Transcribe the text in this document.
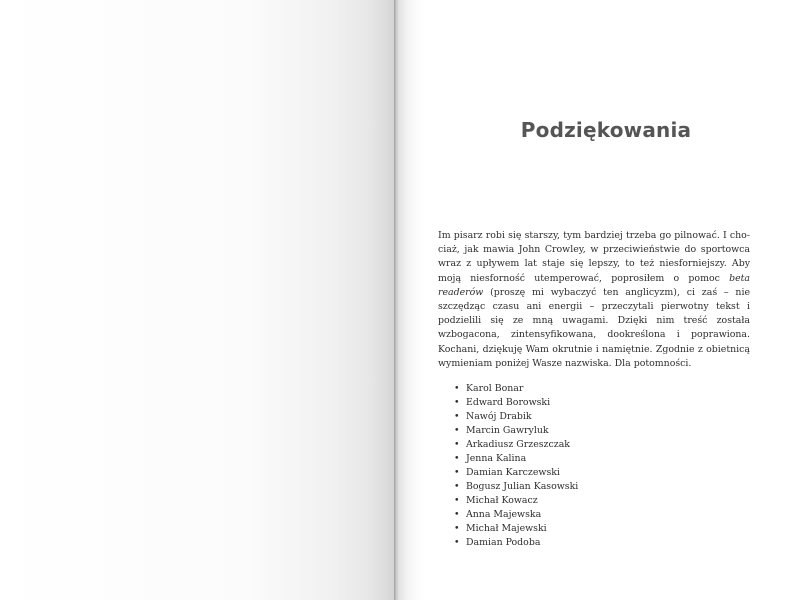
Podziękowania

Im pisarz robi się starszy, tym bardziej trzeba go pilnować. I chociaż, jak mawia John Crowley, w przeciwieństwie do sportowca wraz z upływem lat staje się lepszy, to też niesforniejszy. Aby moją niesforność utemperować, poprosiłem o pomoc beta readerów (proszę mi wybaczyć ten anglicyzm), ci zaś – nie szczędząc czasu ani energii – przeczytali pierwotny tekst i podzielili się ze mną uwagami. Dzięki nim treść została wzbogacona, zintensyfikowana, dookreślona i poprawiona. Kochani, dziękuję Wam okrutnie i namiętnie. Zgodnie z obietnicą wymieniam poniżej Wasze nazwiska. Dla potomności.

• Karol Bonar
• Edward Borowski
• Nawój Drabik
• Marcin Gawryluk
• Arkadiusz Grzeszczak
• Jenna Kalina
• Damian Karczewski
• Bogusz Julian Kasowski
• Michał Kowacz
• Anna Majewska
• Michał Majewski
• Damian Podoba
